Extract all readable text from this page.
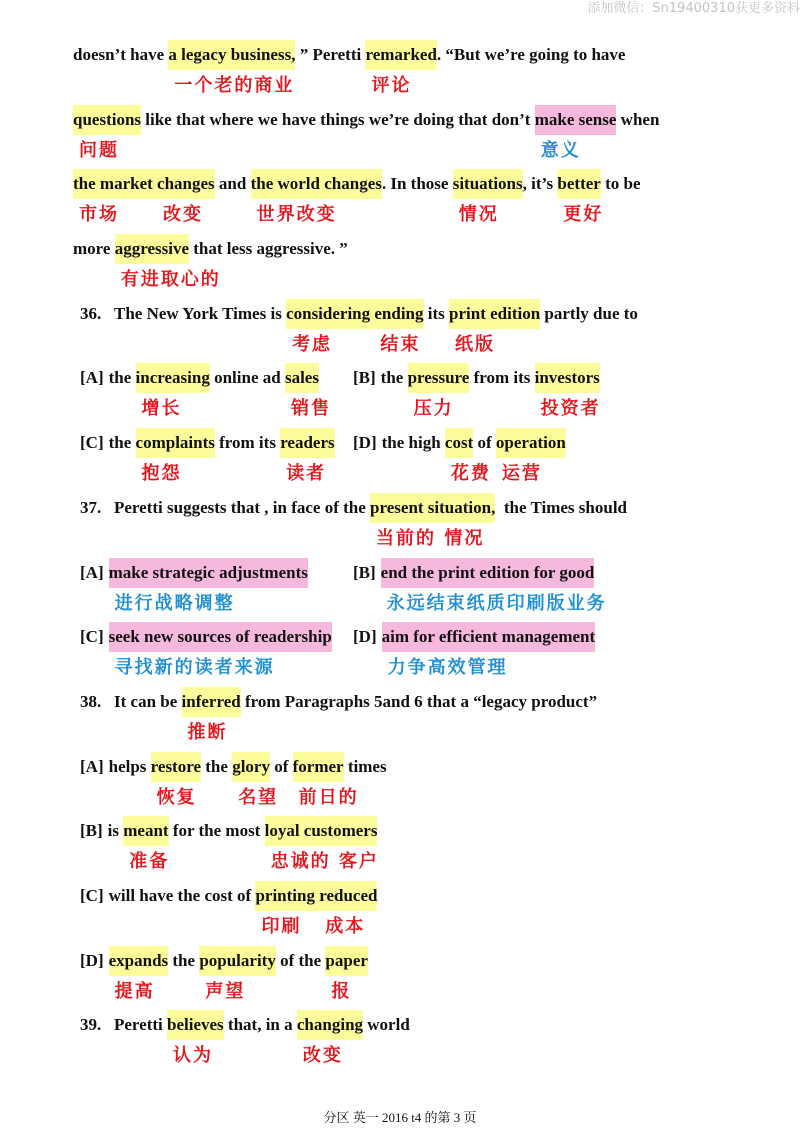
添加微信：Sn19400310获更多资料
doesn’t have a legacy business,
一个老的商业
” Peretti remarked
评论
. “But we’re going to have
questions
问题
like that where we have things we’re doing that don’t make sense
意义
when
the market
市场
changes
改变
and the world changes
世界改变
. In those situations
情况
, it’s better
更好
to be
more aggressive
有进取心的
that less aggressive. ”
36. The New York Times is considering
考虑
ending
结束
its print edition
纸版
partly due to
[A] the increasing
增长
online ad sales
销售
[B] the pressure
压力
from its investors
投资者
[C] the complaints
抱怨
from its readers
读者
[D] the high cost
花费
of operation
运营
37. Peretti suggests that , in face of the present situation,
当前的 情况
the Times should
[A] make strategic adjustments
进行战略调整
[B] end the print edition for good
永远结束纸质印刷版业务
[C] seek new sources of readership
寻找新的读者来源
[D] aim for efficient management
力争高效管理
38. It can be inferred
推断
from Paragraphs 5and 6 that a “legacy product”
[A] helps restore
恢复
the glory
名望
of former
前日的
times
[B] is meant
准备
for the most loyal customers
忠诚的 客户
[C] will have the cost of printing
印刷
reduced
成本
[D] expands
提高
the popularity
声望
of the paper
报
39. Peretti believes
认为
that, in a changing
改变
world
分区 英一 2016 t4 的第 3 页
